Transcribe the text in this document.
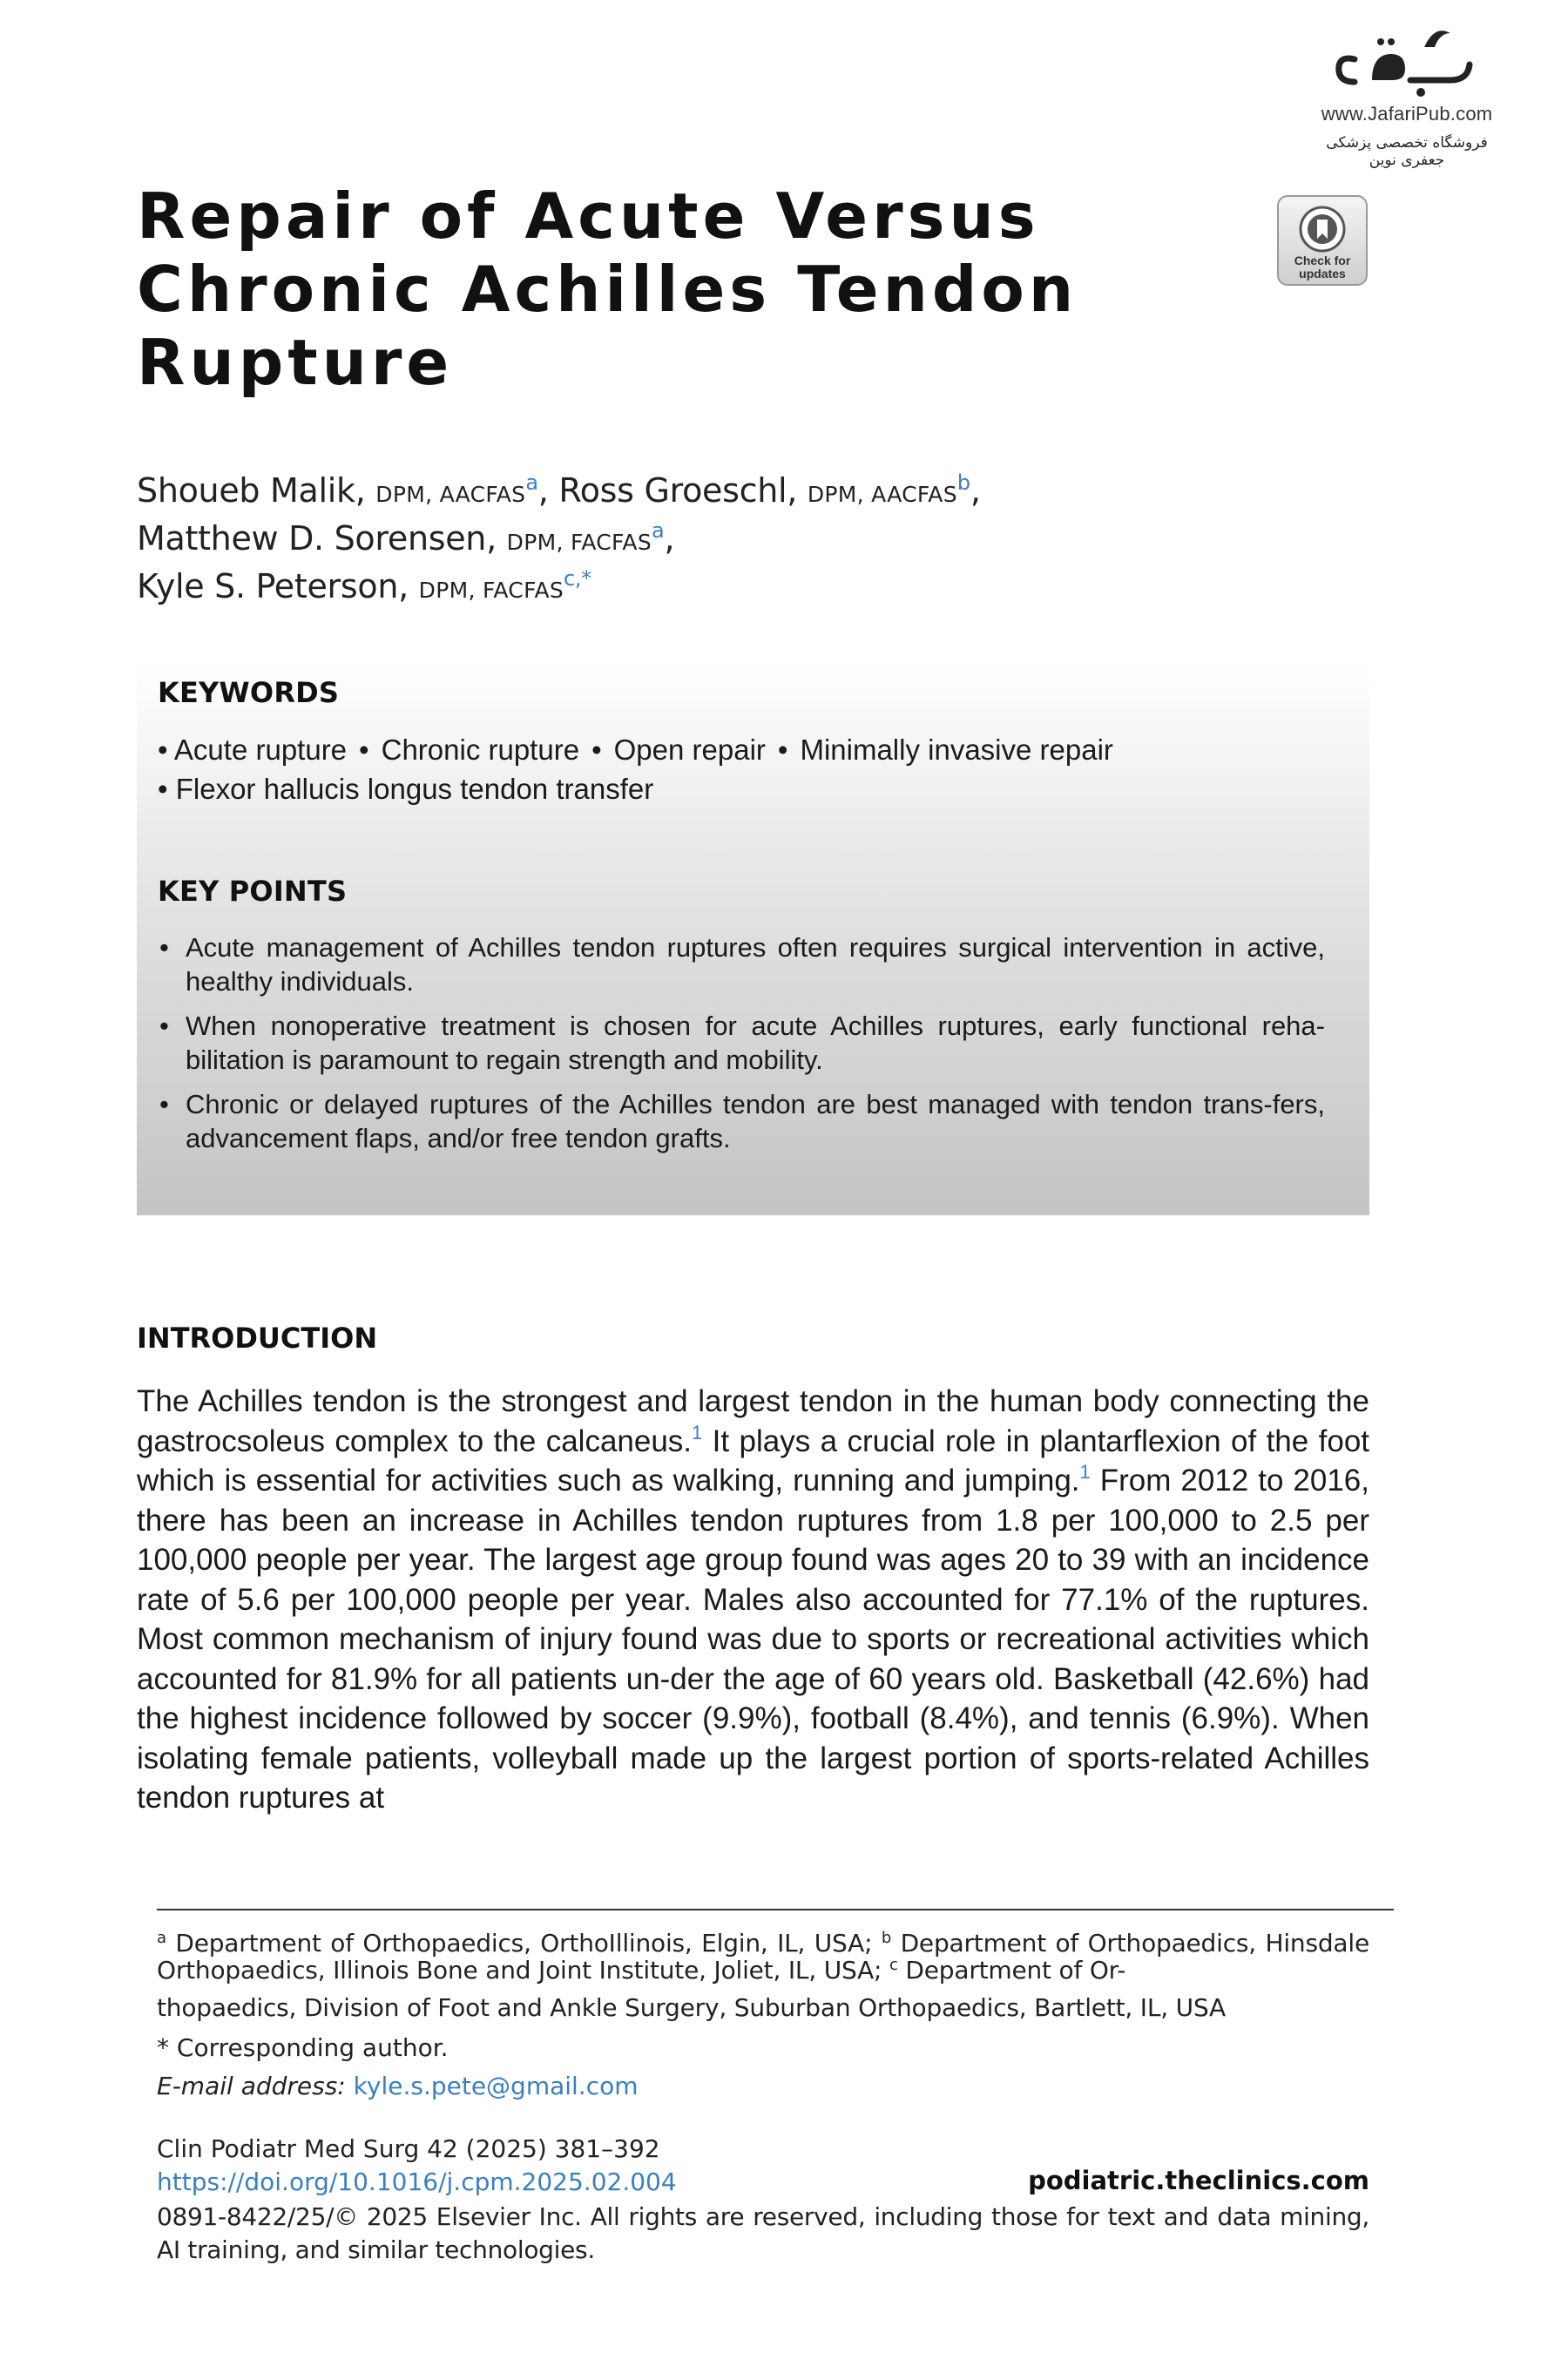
www.JafariPub.com
فروشگاه تخصصی پزشکی جعفری نوین
Check for
updates
Repair of Acute Versus Chronic Achilles Tendon Rupture
Shoueb Malik, DPM, AACFAS$^a$, Ross Groeschl, DPM, AACFAS$^b$,
Matthew D. Sorensen, DPM, FACFAS$^a$,
Kyle S. Peterson, DPM, $FACFAS^{c,*}$
KEYWORDS
• Acute rupture • Chronic rupture • Open repair • Minimally invasive repair
• Flexor hallucis longus tendon transfer
KEY POINTS
• Acute management of Achilles tendon ruptures often requires surgical intervention in active, healthy individuals.
• When nonoperative treatment is chosen for acute Achilles ruptures, early functional reha-bilitation is paramount to regain strength and mobility.
• Chronic or delayed ruptures of the Achilles tendon are best managed with tendon trans-fers, advancement flaps, and/or free tendon grafts.
INTRODUCTION

The Achilles tendon is the strongest and largest tendon in the human body connecting the gastrocsoleus complex to the calcaneus.$^1$ It plays a crucial role in plantarflexion of the foot which is essential for activities such as walking, running and jumping.$^1$ From 2012 to 2016, there has been an increase in Achilles tendon ruptures from 1.8 per 100,000 to 2.5 per 100,000 people per year. The largest age group found was ages 20 to 39 with an incidence rate of 5.6 per 100,000 people per year. Males also accounted for 77.1% of the ruptures. Most common mechanism of injury found was due to sports or recreational activities which accounted for 81.9% for all patients un-der the age of 60 years old. Basketball (42.6%) had the highest incidence followed by soccer (9.9%), football (8.4%), and tennis (6.9%). When isolating female patients, volleyball made up the largest portion of sports-related Achilles tendon ruptures at

$^a$ Department of Orthopaedics, OrthoIllinois, Elgin, IL, USA; $^b$ Department of Orthopaedics, Hinsdale Orthopaedics, Illinois Bone and Joint Institute, Joliet, IL, USA; $^c$ Department of Or-
thopaedics, Division of Foot and Ankle Surgery, Suburban Orthopaedics, Bartlett, IL, USA
* Corresponding author.
E-mail address: kyle.s.pete@gmail.com
Clin Podiatr Med Surg 42 (2025) 381–392
https://doi.org/10.1016/j.cpm.2025.02.004	podiatric.theclinics.com
0891-8422/25/© 2025 Elsevier Inc. All rights are reserved, including those for text and data mining, AI training, and similar technologies.
